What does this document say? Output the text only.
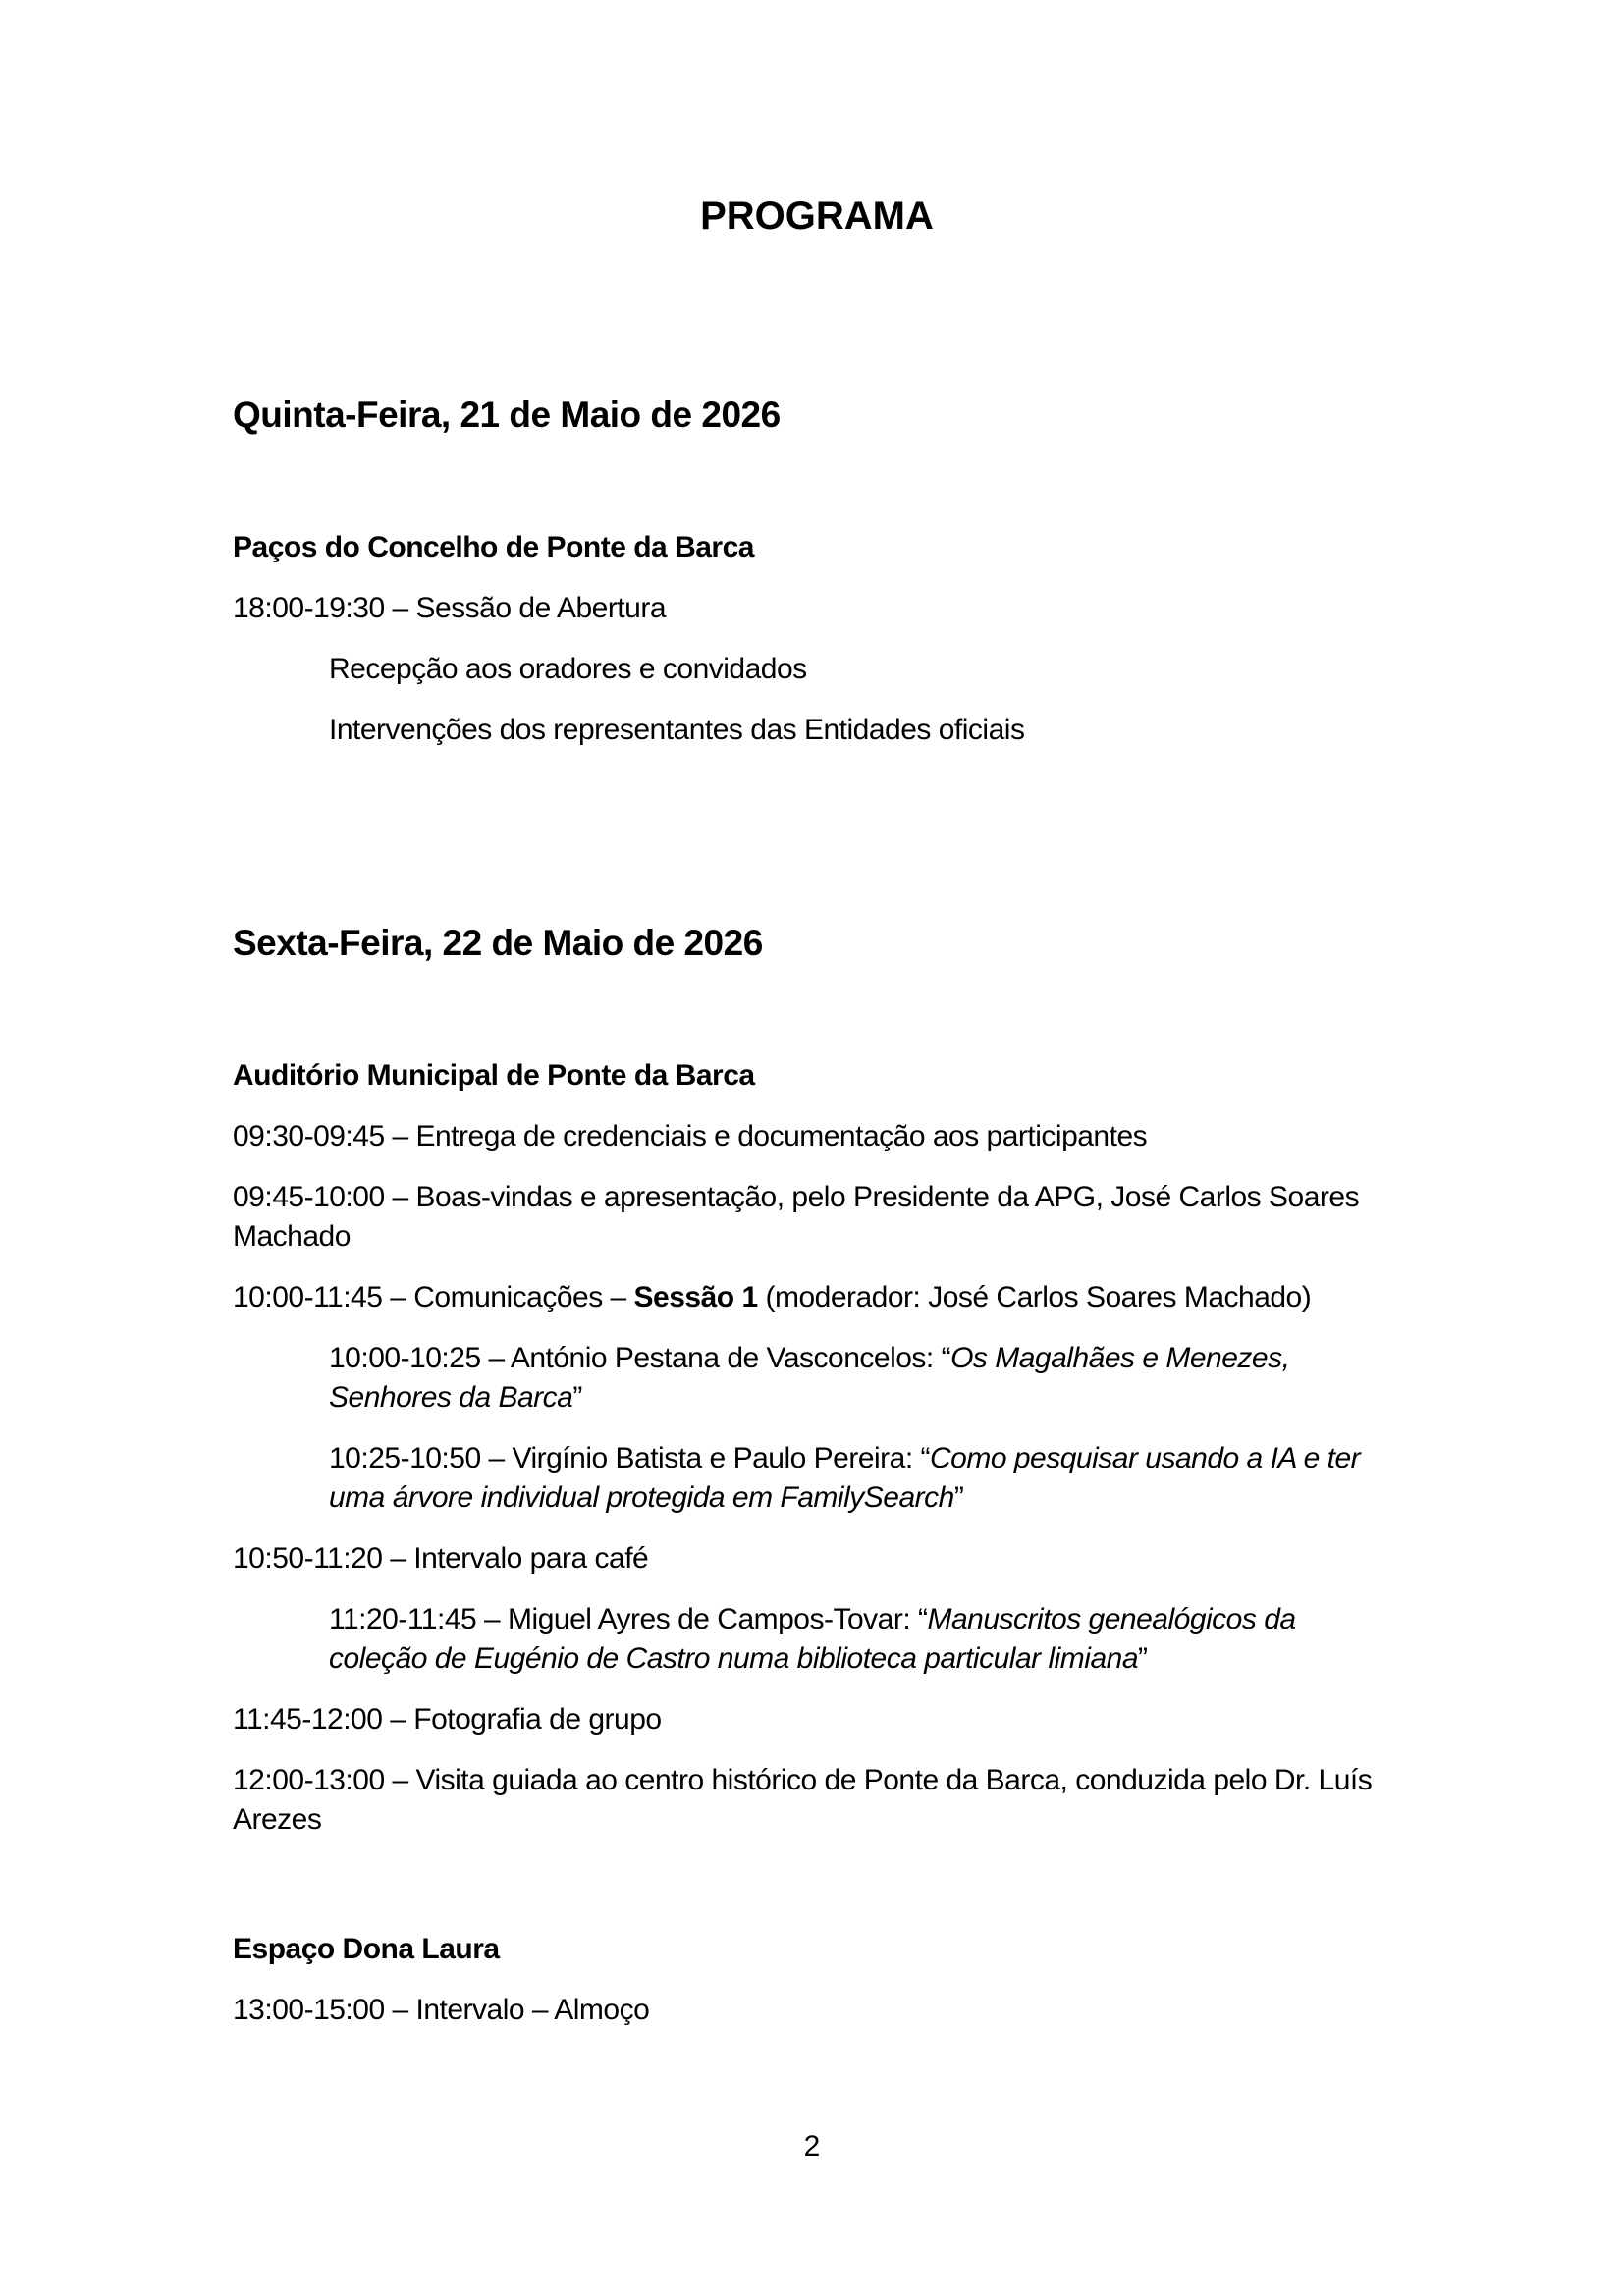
PROGRAMA
Quinta-Feira, 21 de Maio de 2026

Paços do Concelho de Ponte da Barca

18:00-19:30 – Sessão de Abertura

Recepção aos oradores e convidados

Intervenções dos representantes das Entidades oficiais

Sexta-Feira, 22 de Maio de 2026

Auditório Municipal de Ponte da Barca

09:30-09:45 – Entrega de credenciais e documentação aos participantes

09:45-10:00 – Boas-vindas e apresentação, pelo Presidente da APG, José Carlos Soares
Machado

10:00-11:45 – Comunicações – Sessão 1 (moderador: José Carlos Soares Machado)

10:00-10:25 – António Pestana de Vasconcelos: “Os Magalhães e Menezes,
Senhores da Barca”

10:25-10:50 – Virgínio Batista e Paulo Pereira: “Como pesquisar usando a IA e ter
uma árvore individual protegida em FamilySearch”

10:50-11:20 – Intervalo para café

11:20-11:45 – Miguel Ayres de Campos-Tovar: “Manuscritos genealógicos da
coleção de Eugénio de Castro numa biblioteca particular limiana”

11:45-12:00 – Fotografia de grupo

12:00-13:00 – Visita guiada ao centro histórico de Ponte da Barca, conduzida pelo Dr. Luís
Arezes

Espaço Dona Laura

13:00-15:00 – Intervalo – Almoço

2
